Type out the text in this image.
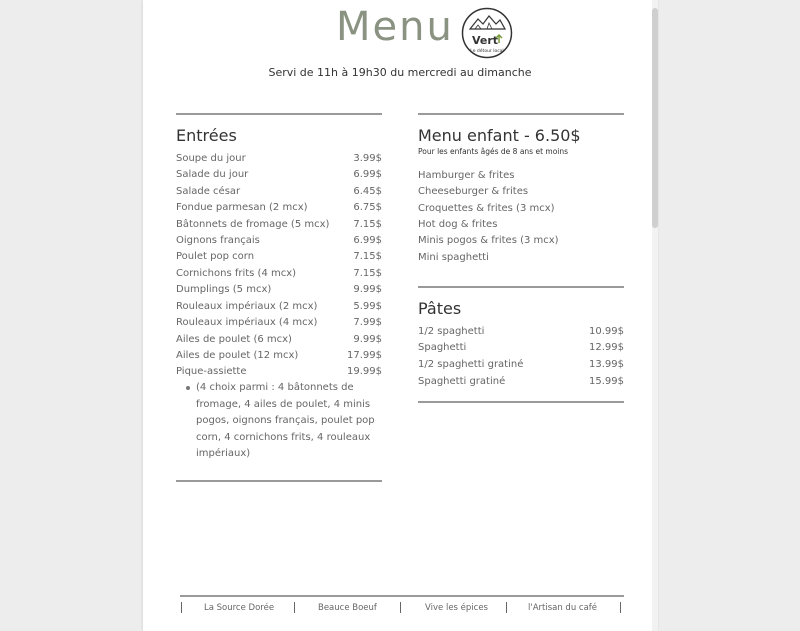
Menu Vert
Le détour local
Servi de 11h à 19h30 du mercredi au dimanche
Entrées
Soupe du jour	3.99$
Salade du jour	6.99$
Salade césar	6.45$
Fondue parmesan (2 mcx)	6.75$
Bâtonnets de fromage (5 mcx) 7.15$
Oignons français	6.99$
Poulet pop corn	7.15$
Cornichons frits (4 mcx)	7.15$
Dumplings (5 mcx)	9.99$
Rouleaux impériaux (2 mcx)	5.99$
Rouleaux impériaux (4 mcx)	7.99$
Ailes de poulet (6 mcx)	9.99$
Ailes de poulet (12 mcx)	17.99$
Pique-assiette	19.99$
(4 choix parmi : 4 bâtonnets de fromage, 4 ailes de poulet, 4 minis pogos, oignons français, poulet pop corn, 4 cornichons frits, 4 rouleaux impériaux)
Menu enfant - 6.50$
Pour les enfants âgés de 8 ans et moins
Hamburger & frites
Cheeseburger & frites
Croquettes & frites (3 mcx)
Hot dog & frites
Minis pogos & frites (3 mcx)
Mini spaghetti
Pâtes
1/2 spaghetti	10.99$
Spaghetti	12.99$
1/2 spaghetti gratiné	13.99$
Spaghetti gratiné	15.99$
La Source Dorée	Beauce Boeuf	Vive les épices	l'Artisan du café
